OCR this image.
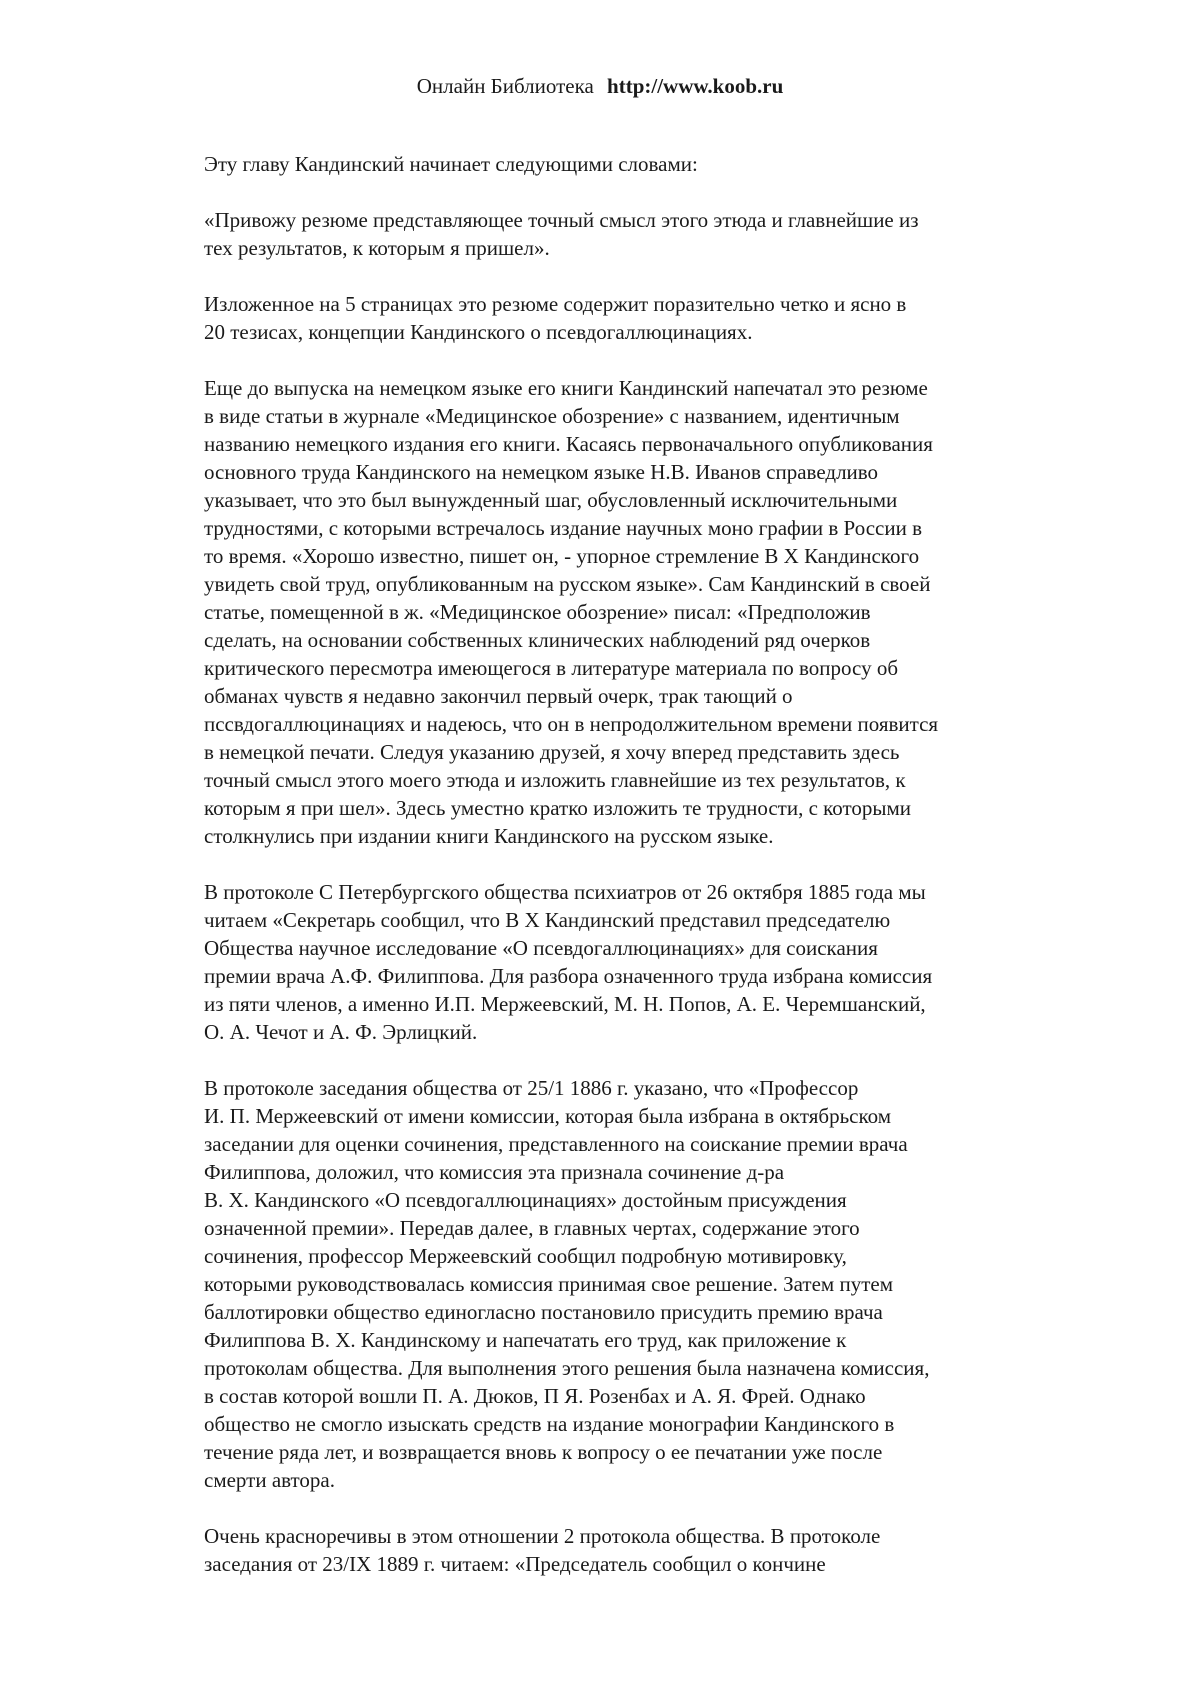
Онлайн Библиотека http://www.koob.ru

Эту главу Кандинский начинает следующими словами:

«Привожу резюме представляющее точный смысл этого этюда и главнейшие из
тех результатов, к которым я пришел».

Изложенное на 5 страницах это резюме содержит поразительно четко и ясно в
20 тезисах, концепции Кандинского о псевдогаллюцинациях.

Еще до выпуска на немецком языке его книги Кандинский напечатал это резюме
в виде статьи в журнале «Медицинское обозрение» с названием, идентичным
названию немецкого издания его книги. Касаясь первоначального опубликования
основного труда Кандинского на немецком языке Н.В. Иванов справедливо
указывает, что это был вынужденный шаг, обусловленный исключительными
трудностями, с которыми встречалось издание научных моно графии в России в
то время. «Хорошо известно, пишет он, - упорное стремление В Х Кандинского
увидеть свой труд, опубликованным на русском языке». Сам Кандинский в своей
статье, помещенной в ж. «Медицинское обозрение» писал: «Предположив
сделать, на основании собственных клинических наблюдений ряд очерков
критического пересмотра имеющегося в литературе материала по вопросу об
обманах чувств я недавно закончил первый очерк, трак тающий о
пссвдогаллюцинациях и надеюсь, что он в непродолжительном времени появится
в немецкой печати. Следуя указанию друзей, я хочу вперед представить здесь
точный смысл этого моего этюда и изложить главнейшие из тех результатов, к
которым я при шел». Здесь уместно кратко изложить те трудности, с которыми
столкнулись при издании книги Кандинского на русском языке.

В протоколе С Петербургского общества психиатров от 26 октября 1885 года мы
читаем «Секретарь сообщил, что В Х Кандинский представил председателю
Общества научное исследование «О псевдогаллюцинациях» для соискания
премии врача А.Ф. Филиппова. Для разбора означенного труда избрана комиссия
из пяти членов, а именно И.П. Мержеевский, М. Н. Попов, А. Е. Черемшанский,
О. А. Чечот и А. Ф. Эрлицкий.

В протоколе заседания общества от 25/1 1886 г. указано, что «Профессор
И. П. Мержеевский от имени комиссии, которая была избрана в октябрьском
заседании для оценки сочинения, представленного на соискание премии врача
Филиппова, доложил, что комиссия эта признала сочинение д-ра
В. Х. Кандинского «О псевдогаллюцинациях» достойным присуждения
означенной премии». Передав далее, в главных чертах, содержание этого
сочинения, профессор Мержеевский сообщил подробную мотивировку,
которыми руководствовалась комиссия принимая свое решение. Затем путем
баллотировки общество единогласно постановило присудить премию врача
Филиппова В. Х. Кандинскому и напечатать его труд, как приложение к
протоколам общества. Для выполнения этого решения была назначена комиссия,
в состав которой вошли П. А. Дюков, П Я. Розенбах и А. Я. Фрей. Однако
общество не смогло изыскать средств на издание монографии Кандинского в
течение ряда лет, и возвращается вновь к вопросу о ее печатании уже после
смерти автора.

Очень красноречивы в этом отношении 2 протокола общества. В протоколе
заседания от 23/IX 1889 г. читаем: «Председатель сообщил о кончине
